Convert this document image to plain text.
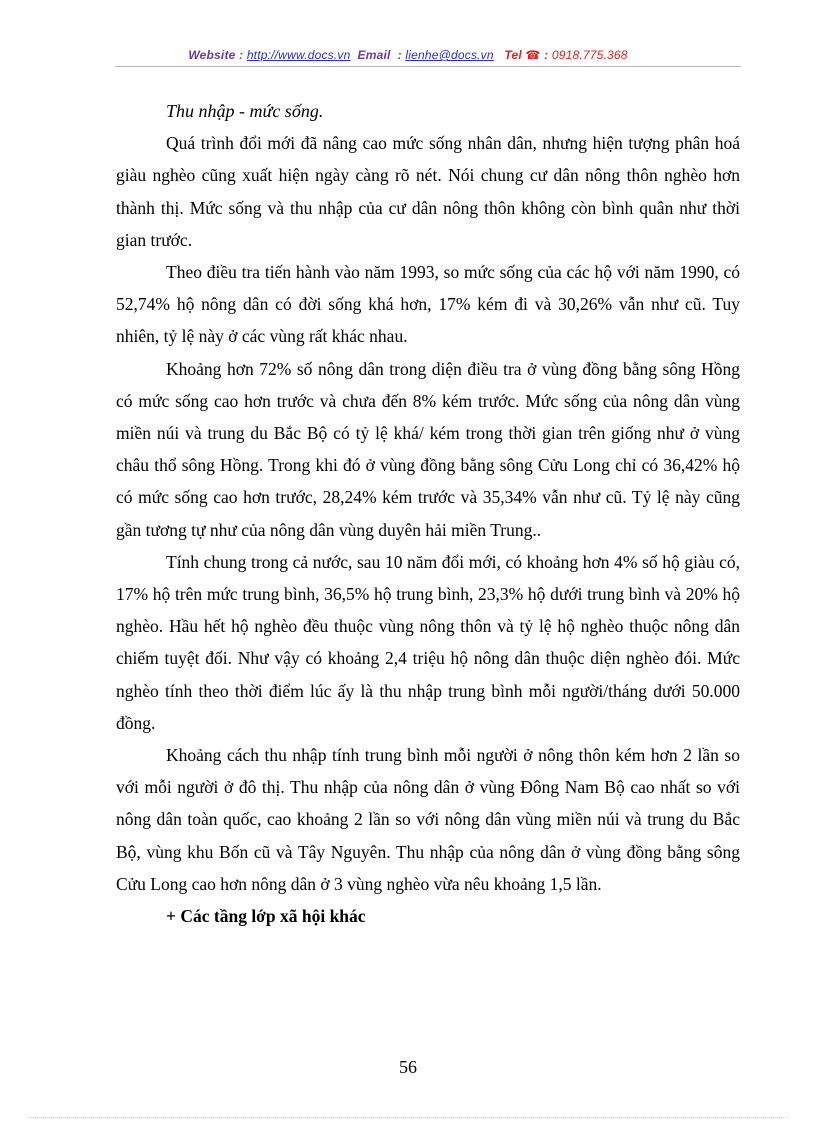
Website : http://www.docs.vn Email : lienhe@docs.vn Tel ☎ : 0918.775.368

Thu nhập - mức sống.

Quá trình đổi mới đã nâng cao mức sống nhân dân, nhưng hiện tượng phân hoá giàu nghèo cũng xuất hiện ngày càng rõ nét. Nói chung cư dân nông thôn nghèo hơn thành thị. Mức sống và thu nhập của cư dân nông thôn không còn bình quân như thời gian trước.

Theo điều tra tiến hành vào năm 1993, so mức sống của các hộ với năm 1990, có 52,74% hộ nông dân có đời sống khá hơn, 17% kém đi và 30,26% vẫn như cũ. Tuy nhiên, tỷ lệ này ở các vùng rất khác nhau.

Khoảng hơn 72% số nông dân trong diện điều tra ở vùng đồng bằng sông Hồng có mức sống cao hơn trước và chưa đến 8% kém trước. Mức sống của nông dân vùng miền núi và trung du Bắc Bộ có tỷ lệ khá/ kém trong thời gian trên giống như ở vùng châu thổ sông Hồng. Trong khi đó ở vùng đồng bằng sông Cửu Long chỉ có 36,42% hộ có mức sống cao hơn trước, 28,24% kém trước và 35,34% vẫn như cũ. Tỷ lệ này cũng gần tương tự như của nông dân vùng duyên hải miền Trung..

Tính chung trong cả nước, sau 10 năm đổi mới, có khoảng hơn 4% số hộ giàu có, 17% hộ trên mức trung bình, 36,5% hộ trung bình, 23,3% hộ dưới trung bình và 20% hộ nghèo. Hầu hết hộ nghèo đều thuộc vùng nông thôn và tỷ lệ hộ nghèo thuộc nông dân chiếm tuyệt đối. Như vậy có khoảng 2,4 triệu hộ nông dân thuộc diện nghèo đói. Mức nghèo tính theo thời điểm lúc ấy là thu nhập trung bình mỗi người/tháng dưới 50.000 đồng.

Khoảng cách thu nhập tính trung bình mỗi người ở nông thôn kém hơn 2 lần so với mỗi người ở đô thị. Thu nhập của nông dân ở vùng Đông Nam Bộ cao nhất so với nông dân toàn quốc, cao khoảng 2 lần so với nông dân vùng miền núi và trung du Bắc Bộ, vùng khu Bốn cũ và Tây Nguyên. Thu nhập của nông dân ở vùng đồng bằng sông Cửu Long cao hơn nông dân ở 3 vùng nghèo vừa nêu khoảng 1,5 lần.

+ Các tầng lớp xã hội khác

56
